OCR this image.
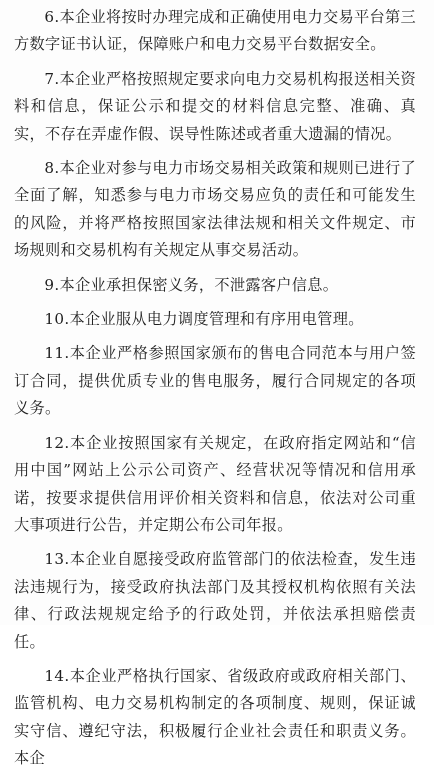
6.本企业将按时办理完成和正确使用电力交易平台第三方数字证书认证，保障账户和电力交易平台数据安全。

7.本企业严格按照规定要求向电力交易机构报送相关资料和信息，保证公示和提交的材料信息完整、准确、真实，不存在弄虚作假、误导性陈述或者重大遗漏的情况。

8.本企业对参与电力市场交易相关政策和规则已进行了全面了解，知悉参与电力市场交易应负的责任和可能发生的风险，并将严格按照国家法律法规和相关文件规定、市场规则和交易机构有关规定从事交易活动。

9.本企业承担保密义务，不泄露客户信息。

10.本企业服从电力调度管理和有序用电管理。

11.本企业严格参照国家颁布的售电合同范本与用户签订合同，提供优质专业的售电服务，履行合同规定的各项义务。

12.本企业按照国家有关规定，在政府指定网站和“信用中国”网站上公示公司资产、经营状况等情况和信用承诺，按要求提供信用评价相关资料和信息，依法对公司重大事项进行公告，并定期公布公司年报。

13.本企业自愿接受政府监管部门的依法检查，发生违法违规行为，接受政府执法部门及其授权机构依照有关法律、行政法规规定给予的行政处罚，并依法承担赔偿责任。

14.本企业严格执行国家、省级政府或政府相关部门、监管机构、电力交易机构制定的各项制度、规则，保证诚实守信、遵纪守法，积极履行企业社会责任和职责义务。本企
